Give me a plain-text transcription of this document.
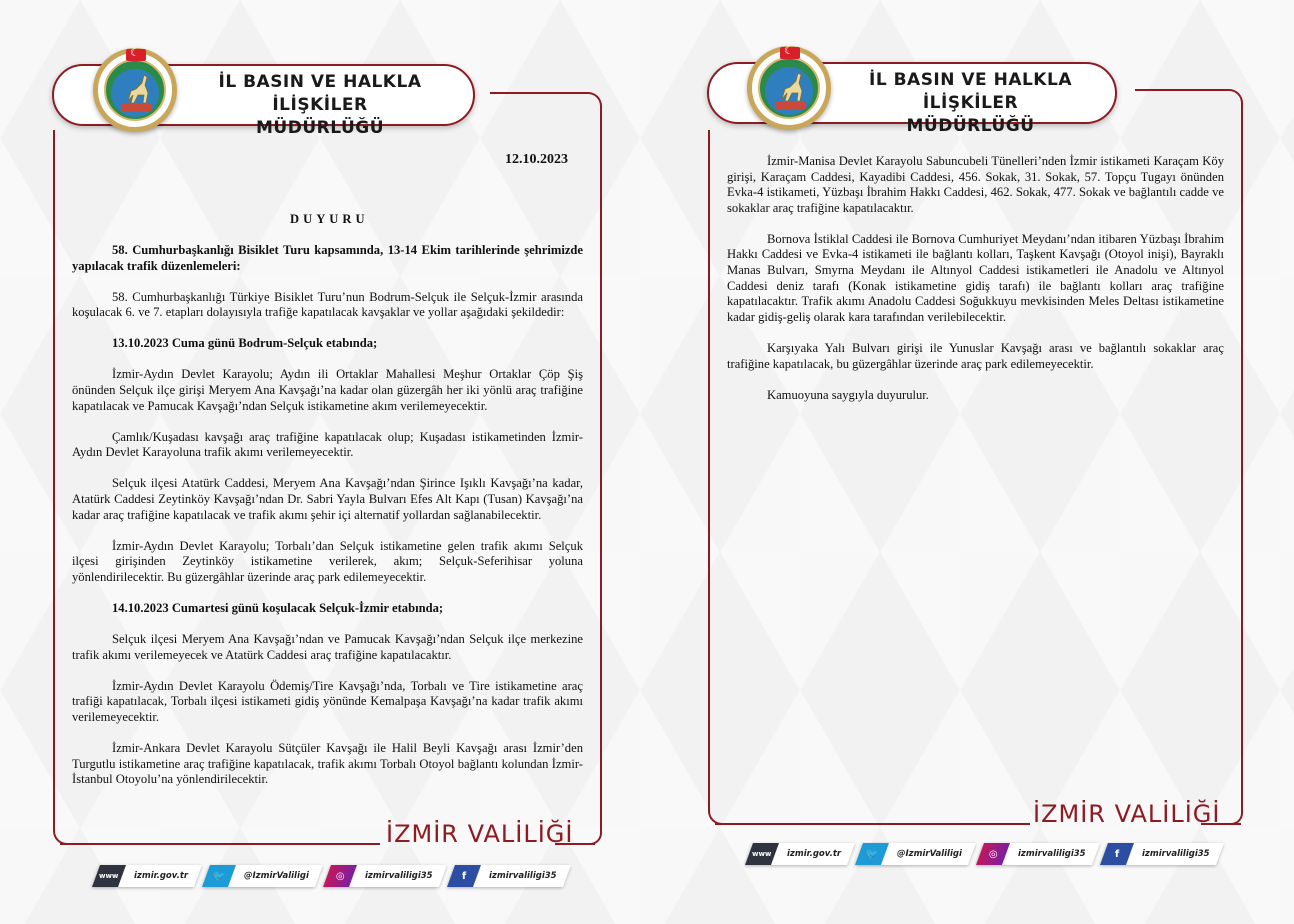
İL BASIN VE HALKLA İLİŞKİLER
MÜDÜRLÜĞÜ
☾
12.10.2023
DUYURU

58. Cumhurbaşkanlığı Bisiklet Turu kapsamında, 13-14 Ekim tarihlerinde şehrimizde yapılacak trafik düzenlemeleri:

58. Cumhurbaşkanlığı Türkiye Bisiklet Turu’nun Bodrum-Selçuk ile Selçuk-İzmir arasında koşulacak 6. ve 7. etapları dolayısıyla trafiğe kapatılacak kavşaklar ve yollar aşağıdaki şekildedir:

13.10.2023 Cuma günü Bodrum-Selçuk etabında;

İzmir-Aydın Devlet Karayolu; Aydın ili Ortaklar Mahallesi Meşhur Ortaklar Çöp Şiş önünden Selçuk ilçe girişi Meryem Ana Kavşağı’na kadar olan güzergâh her iki yönlü araç trafiğine kapatılacak ve Pamucak Kavşağı’ndan Selçuk istikametine akım verilemeyecektir.

Çamlık/Kuşadası kavşağı araç trafiğine kapatılacak olup; Kuşadası istikametinden İzmir-Aydın Devlet Karayoluna trafik akımı verilemeyecektir.

Selçuk ilçesi Atatürk Caddesi, Meryem Ana Kavşağı’ndan Şirince Işıklı Kavşağı’na kadar, Atatürk Caddesi Zeytinköy Kavşağı’ndan Dr. Sabri Yayla Bulvarı Efes Alt Kapı (Tusan) Kavşağı’na kadar araç trafiğine kapatılacak ve trafik akımı şehir içi alternatif yollardan sağlanabilecektir.

İzmir-Aydın Devlet Karayolu; Torbalı’dan Selçuk istikametine gelen trafik akımı Selçuk ilçesi girişinden Zeytinköy istikametine verilerek, akım; Selçuk-Seferihisar yoluna yönlendirilecektir. Bu güzergâhlar üzerinde araç park edilemeyecektir.

14.10.2023 Cumartesi günü koşulacak Selçuk-İzmir etabında;

Selçuk ilçesi Meryem Ana Kavşağı’ndan ve Pamucak Kavşağı’ndan Selçuk ilçe merkezine trafik akımı verilemeyecek ve Atatürk Caddesi araç trafiğine kapatılacaktır.

İzmir-Aydın Devlet Karayolu Ödemiş/Tire Kavşağı’nda, Torbalı ve Tire istikametine araç trafiği kapatılacak, Torbalı ilçesi istikameti gidiş yönünde Kemalpaşa Kavşağı’na kadar trafik akımı verilemeyecektir.

İzmir-Ankara Devlet Karayolu Sütçüler Kavşağı ile Halil Beyli Kavşağı arası İzmir’den Turgutlu istikametine araç trafiğine kapatılacak, trafik akımı Torbalı Otoyol bağlantı kolundan İzmir-İstanbul Otoyolu’na yönlendirilecektir.

İZMİR VALİLİĞİ
www	izmir.gov.tr	🐦	@IzmirValiligi	◎	izmirvaliligi35	f	izmirvaliligi35
İL BASIN VE HALKLA İLİŞKİLER
MÜDÜRLÜĞÜ
☾

İzmir-Manisa Devlet Karayolu Sabuncubeli Tünelleri’nden İzmir istikameti Karaçam Köy girişi, Karaçam Caddesi, Kayadibi Caddesi, 456. Sokak, 31. Sokak, 57. Topçu Tugayı önünden Evka-4 istikameti, Yüzbaşı İbrahim Hakkı Caddesi, 462. Sokak, 477. Sokak ve bağlantılı cadde ve sokaklar araç trafiğine kapatılacaktır.

Bornova İstiklal Caddesi ile Bornova Cumhuriyet Meydanı’ndan itibaren Yüzbaşı İbrahim Hakkı Caddesi ve Evka-4 istikameti ile bağlantı kolları, Taşkent Kavşağı (Otoyol inişi), Bayraklı Manas Bulvarı, Smyrna Meydanı ile Altınyol Caddesi istikametleri ile Anadolu ve Altınyol Caddesi deniz tarafı (Konak istikametine gidiş tarafı) ile bağlantı kolları araç trafiğine kapatılacaktır. Trafik akımı Anadolu Caddesi Soğukkuyu mevkisinden Meles Deltası istikametine kadar gidiş-geliş olarak kara tarafından verilebilecektir.

Karşıyaka Yalı Bulvarı girişi ile Yunuslar Kavşağı arası ve bağlantılı sokaklar araç trafiğine kapatılacak, bu güzergâhlar üzerinde araç park edilemeyecektir.

Kamuoyuna saygıyla duyurulur.

İZMİR VALİLİĞİ
www	izmir.gov.tr	🐦	@IzmirValiligi	◎	izmirvaliligi35	f	izmirvaliligi35
